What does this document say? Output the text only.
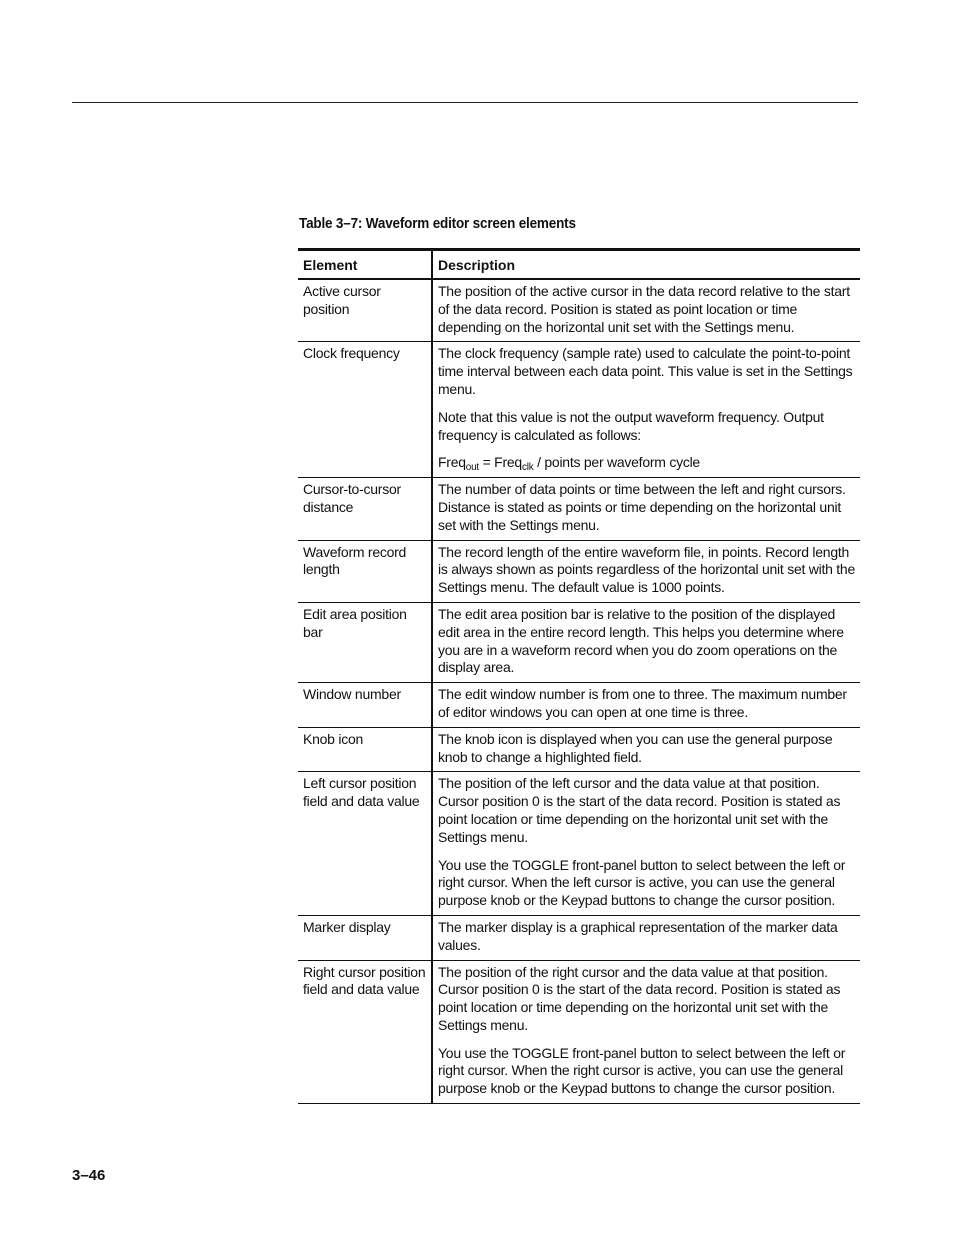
Table 3–7: Waveform editor screen elements
Element	Description

Active cursor position	The position of the active cursor in the data record relative to the start of the data record. Position is stated as point location or time depending on the horizontal unit set with the Settings menu.

Clock frequency	The clock frequency (sample rate) used to calculate the point-to-point time interval between each data point. This value is set in the Settings menu.

Note that this value is not the output waveform frequency. Output frequency is calculated as follows:

Freq$_{out}$ = Freq$_{clk}$ / points per waveform cycle

Cursor-to-cursor distance	The number of data points or time between the left and right cursors. Distance is stated as points or time depending on the horizontal unit set with the Settings menu.

Waveform record length	The record length of the entire waveform file, in points. Record length is always shown as points regardless of the horizontal unit set with the Settings menu. The default value is 1000 points.

Edit area position bar	The edit area position bar is relative to the position of the displayed edit area in the entire record length. This helps you determine where you are in a waveform record when you do zoom operations on the display area.

Window number	The edit window number is from one to three. The maximum number of editor windows you can open at one time is three.

Knob icon	The knob icon is displayed when you can use the general purpose knob to change a highlighted field.

Left cursor position field and data value	The position of the left cursor and the data value at that position. Cursor position 0 is the start of the data record. Position is stated as point location or time depending on the horizontal unit set with the Settings menu.

You use the TOGGLE front-panel button to select between the left or right cursor. When the left cursor is active, you can use the general purpose knob or the Keypad buttons to change the cursor position.

Marker display	The marker display is a graphical representation of the marker data values.

Right cursor position field and data value	The position of the right cursor and the data value at that position. Cursor position 0 is the start of the data record. Position is stated as point location or time depending on the horizontal unit set with the Settings menu.

You use the TOGGLE front-panel button to select between the left or right cursor. When the right cursor is active, you can use the general purpose knob or the Keypad buttons to change the cursor position.

3–46
